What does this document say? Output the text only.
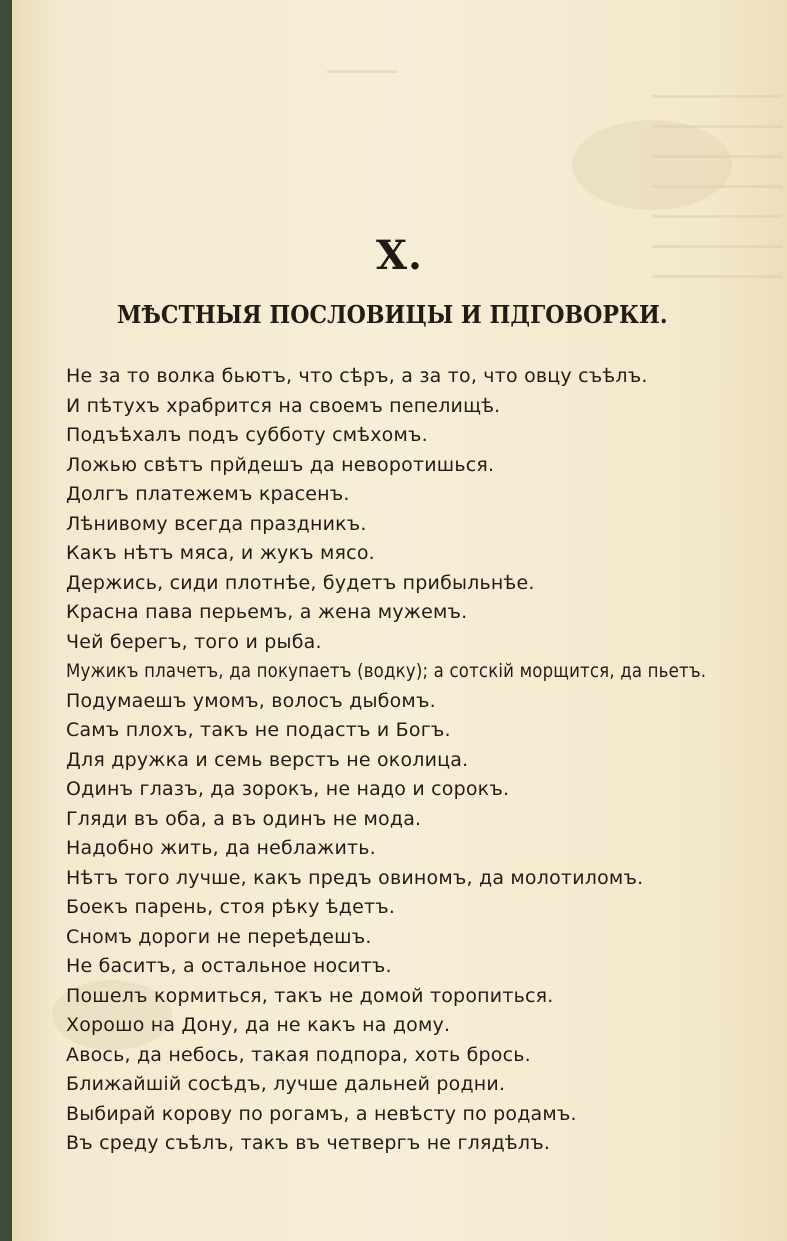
X.
МѢСТНЫЯ ПОСЛОВИЦЫ И ПДГОВОРКИ.
Не за то волка бьютъ, что сѣръ, а за то, что овцу съѣлъ.
И пѣтухъ храбрится на своемъ пепелищѣ.
Подъѣхалъ подъ субботу смѣхомъ.
Ложью свѣтъ прйдешъ да неворотишься.
Долгъ платежемъ красенъ.
Лѣнивому всегда праздникъ.
Какъ нѣтъ мяса, и жукъ мясо.
Держись, сиди плотнѣе, будетъ прибыльнѣе.
Красна пава перьемъ, а жена мужемъ.
Чей берегъ, того и рыба.
Мужикъ плачетъ, да покупаетъ (водку); а сотскій морщится, да пьетъ.
Подумаешъ умомъ, волосъ дыбомъ.
Самъ плохъ, такъ не подастъ и Богъ.
Для дружка и семь верстъ не околица.
Одинъ глазъ, да зорокъ, не надо и сорокъ.
Гляди въ оба, а въ одинъ не мода.
Надобно жить, да неблажить.
Нѣтъ того лучше, какъ предъ овиномъ, да молотиломъ.
Боекъ парень, стоя рѣку ѣдетъ.
Сномъ дороги не переѣдешъ.
Не баситъ, а остальное носитъ.
Пошелъ кормиться, такъ не домой торопиться.
Хорошо на Дону, да не какъ на дому.
Авось, да небось, такая подпора, хоть брось.
Ближайшій сосѣдъ, лучше дальней родни.
Выбирай корову по рогамъ, а невѣсту по родамъ.
Въ среду съѣлъ, такъ въ четвергъ не глядѣлъ.
